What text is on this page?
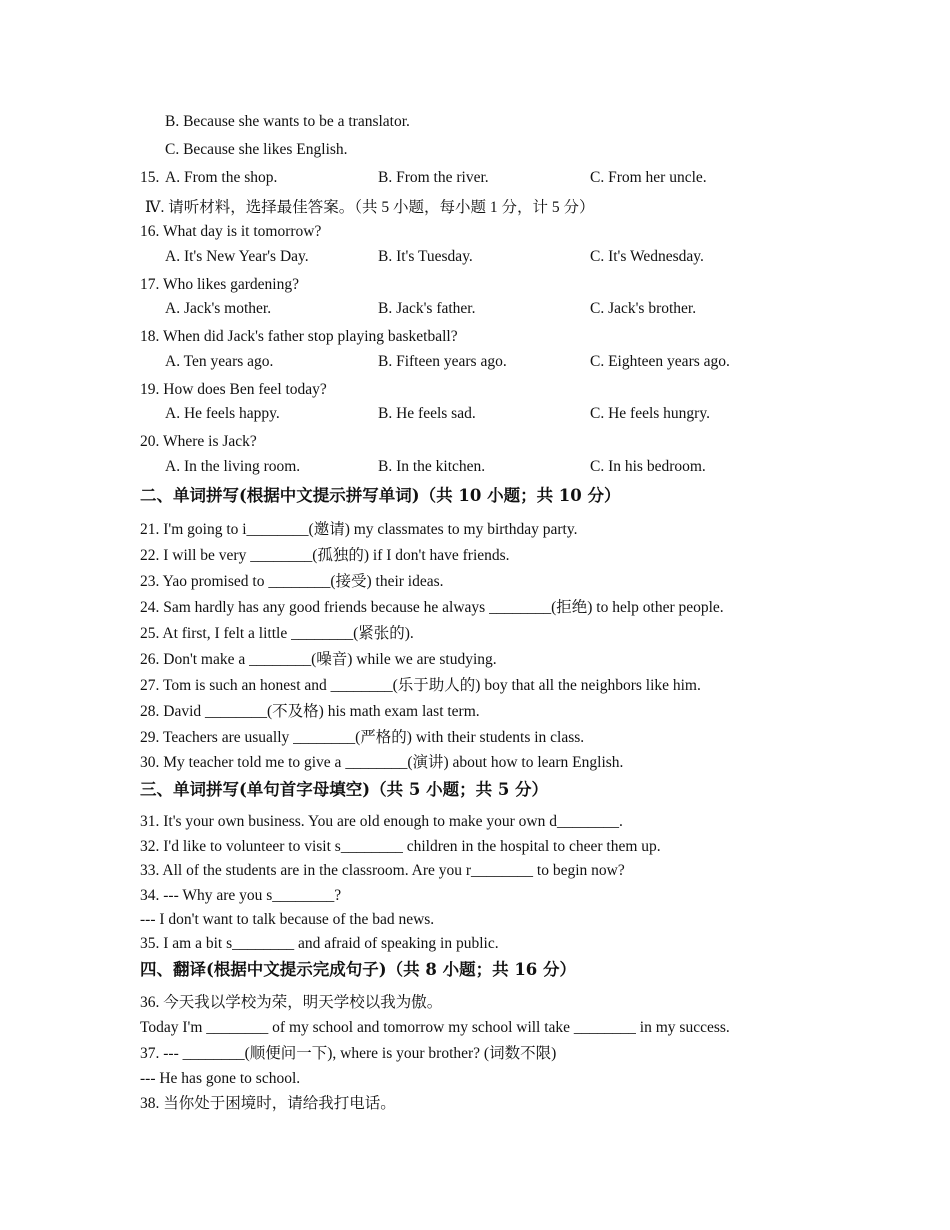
B. Because she wants to be a translator.
C. Because she likes English.
15. A. From the shop.	B. From the river.	C. From her uncle.
Ⅳ. 请听材料，选择最佳答案。（共 5 小题，每小题 1 分，计 5 分）
16. What day is it tomorrow?
A. It's New Year's Day.	B. It's Tuesday.	C. It's Wednesday.
17. Who likes gardening?
A. Jack's mother.	B. Jack's father.	C. Jack's brother.
18. When did Jack's father stop playing basketball?
A. Ten years ago.	B. Fifteen years ago.	C. Eighteen years ago.
19. How does Ben feel today?
A. He feels happy.	B. He feels sad.	C. He feels hungry.
20. Where is Jack?
A. In the living room.	B. In the kitchen.	C. In his bedroom.
二、单词拼写(根据中文提示拼写单词)（共 10 小题；共 10 分）
21. I'm going to i________(邀请) my classmates to my birthday party.
22. I will be very ________(孤独的) if I don't have friends.
23. Yao promised to ________(接受) their ideas.
24. Sam hardly has any good friends because he always ________(拒绝) to help other people.
25. At first, I felt a little ________(紧张的).
26. Don't make a ________(噪音) while we are studying.
27. Tom is such an honest and ________(乐于助人的) boy that all the neighbors like him.
28. David ________(不及格) his math exam last term.
29. Teachers are usually ________(严格的) with their students in class.
30. My teacher told me to give a ________(演讲) about how to learn English.
三、单词拼写(单句首字母填空)（共 5 小题；共 5 分）
31. It's your own business. You are old enough to make your own d________.
32. I'd like to volunteer to visit s________ children in the hospital to cheer them up.
33. All of the students are in the classroom. Are you r________ to begin now?
34. --- Why are you s________?
--- I don't want to talk because of the bad news.
35. I am a bit s________ and afraid of speaking in public.
四、翻译(根据中文提示完成句子)（共 8 小题；共 16 分）
36. 今天我以学校为荣，明天学校以我为傲。
Today I'm ________ of my school and tomorrow my school will take ________ in my success.
37. --- ________(顺便问一下), where is your brother? (词数不限)
--- He has gone to school.
38. 当你处于困境时，请给我打电话。
